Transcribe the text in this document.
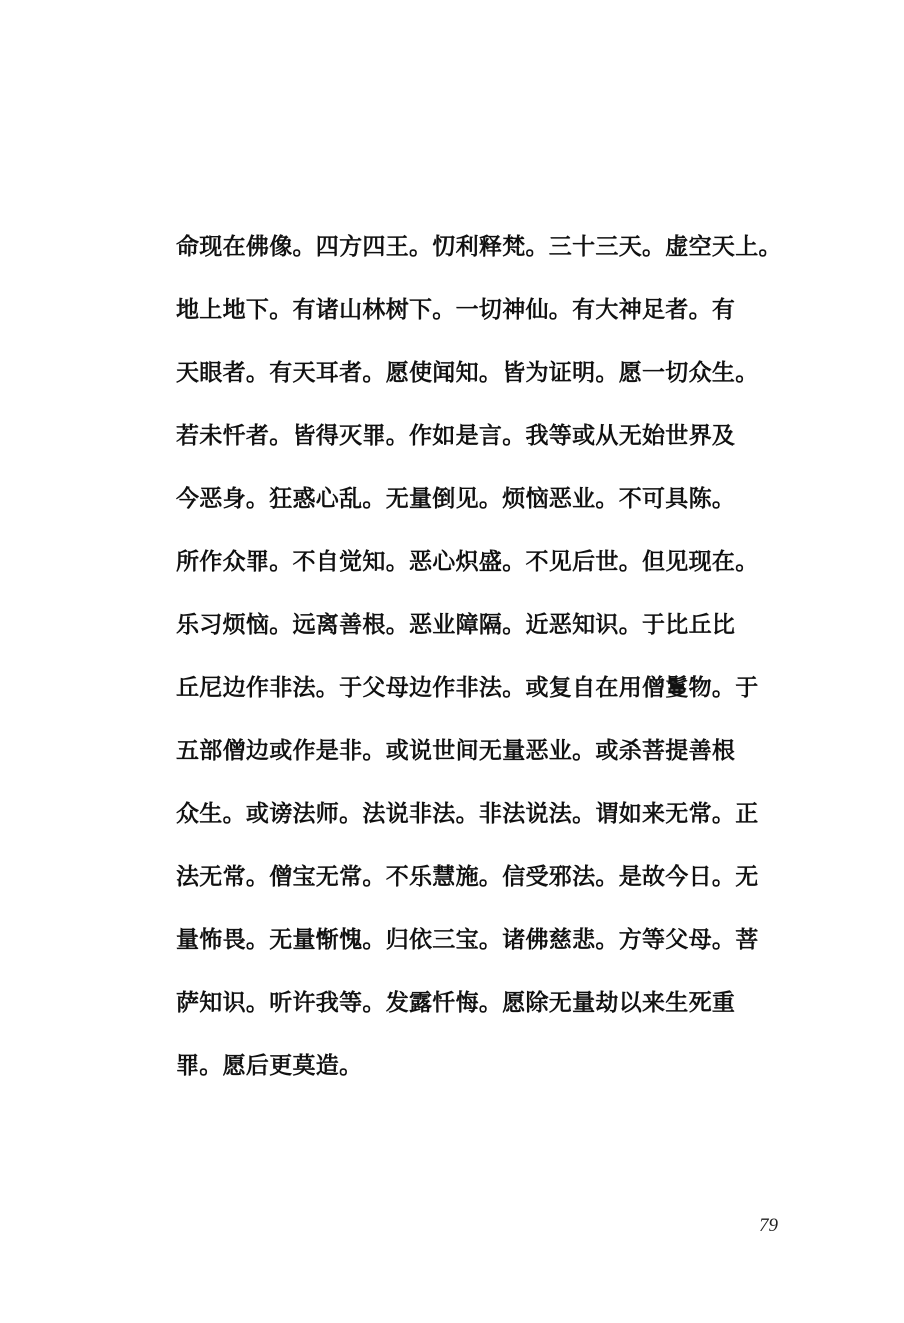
命现在佛像。四方四王。忉利释梵。三十三天。虚空天上。
地上地下。有诸山林树下。一切神仙。有大神足者。有
天眼者。有天耳者。愿使闻知。皆为证明。愿一切众生。
若未忏者。皆得灭罪。作如是言。我等或从无始世界及
今恶身。狂惑心乱。无量倒见。烦恼恶业。不可具陈。
所作众罪。不自觉知。恶心炽盛。不见后世。但见现在。
乐习烦恼。远离善根。恶业障隔。近恶知识。于比丘比
丘尼边作非法。于父母边作非法。或复自在用僧鬘物。于
五部僧边或作是非。或说世间无量恶业。或杀菩提善根
众生。或谤法师。法说非法。非法说法。谓如来无常。正
法无常。僧宝无常。不乐慧施。信受邪法。是故今日。无
量怖畏。无量惭愧。归依三宝。诸佛慈悲。方等父母。菩
萨知识。听许我等。发露忏悔。愿除无量劫以来生死重
罪。愿后更莫造。
79
